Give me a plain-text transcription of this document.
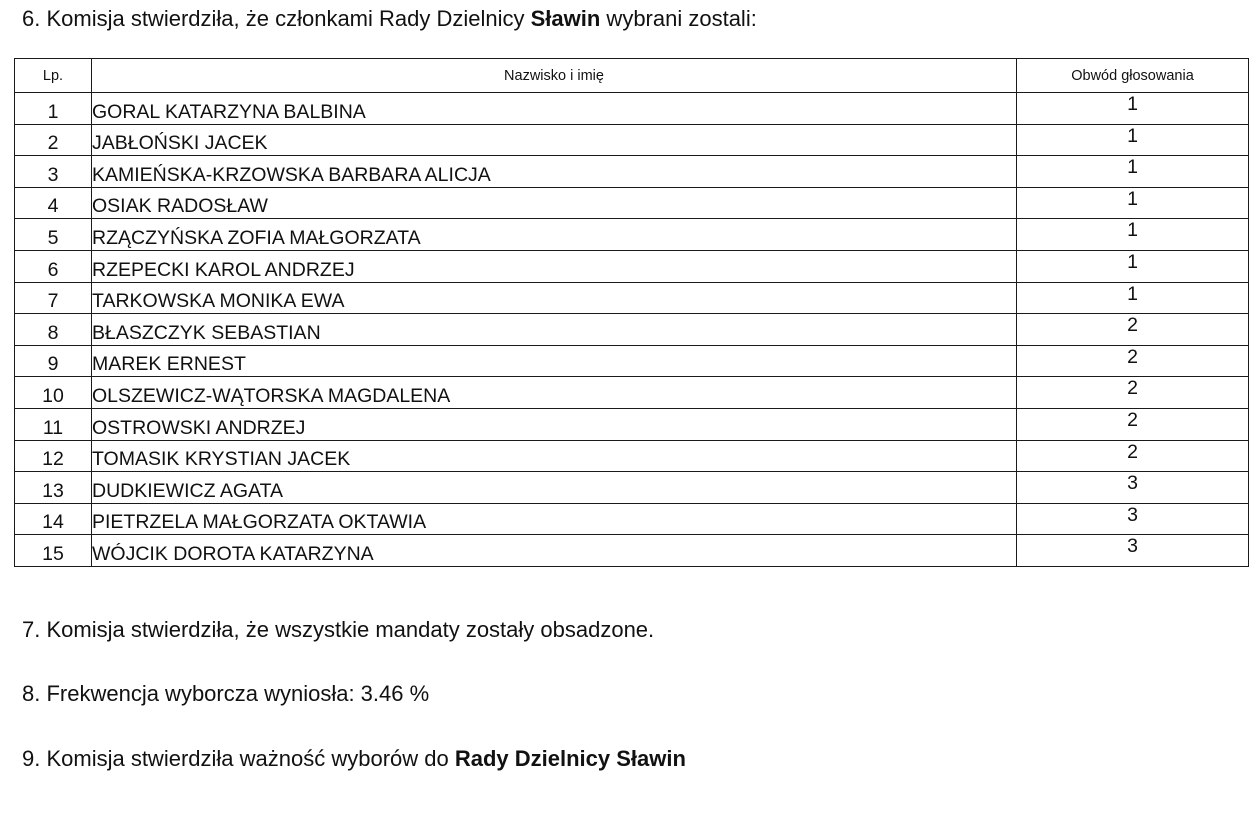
6. Komisja stwierdziła, że członkami Rady Dzielnicy Sławin wybrani zostali:
Lp.	Nazwisko i imię	Obwód głosowania
1	GORAL KATARZYNA BALBINA	1
2	JABŁOŃSKI JACEK	1
3	KAMIEŃSKA-KRZOWSKA BARBARA ALICJA	1
4	OSIAK RADOSŁAW	1
5	RZĄCZYŃSKA ZOFIA MAŁGORZATA	1
6	RZEPECKI KAROL ANDRZEJ	1
7	TARKOWSKA MONIKA EWA	1
8	BŁASZCZYK SEBASTIAN	2
9	MAREK ERNEST	2
10	OLSZEWICZ-WĄTORSKA MAGDALENA	2
11	OSTROWSKI ANDRZEJ	2
12	TOMASIK KRYSTIAN JACEK	2
13	DUDKIEWICZ AGATA	3
14	PIETRZELA MAŁGORZATA OKTAWIA	3
15	WÓJCIK DOROTA KATARZYNA	3
7. Komisja stwierdziła, że wszystkie mandaty zostały obsadzone.
8. Frekwencja wyborcza wyniosła: 3.46 %
9. Komisja stwierdziła ważność wyborów do Rady Dzielnicy Sławin
